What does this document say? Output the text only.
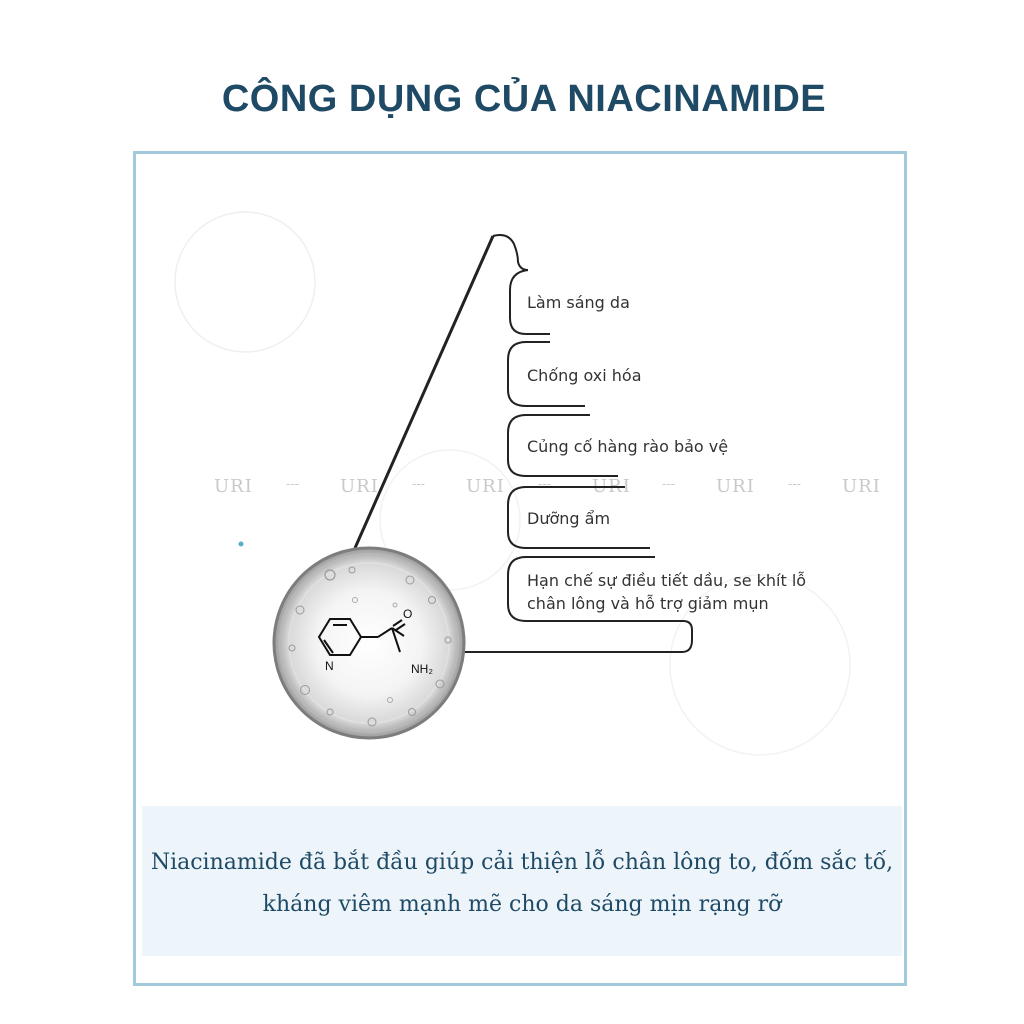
CÔNG DỤNG CỦA NIACINAMIDE
URI	--- URI	--- URI	--- URI	--- URI	--- URI
N
O
NH₂

Làm sáng da

Chống oxi hóa

Củng cố hàng rào bảo vệ

Dưỡng ẩm

Hạn chế sự điều tiết dầu, se khít lỗ chân lông và hỗ trợ giảm mụn

Niacinamide đã bắt đầu giúp cải thiện lỗ chân lông to, đốm sắc tố, kháng viêm mạnh mẽ cho da sáng mịn rạng rỡ
